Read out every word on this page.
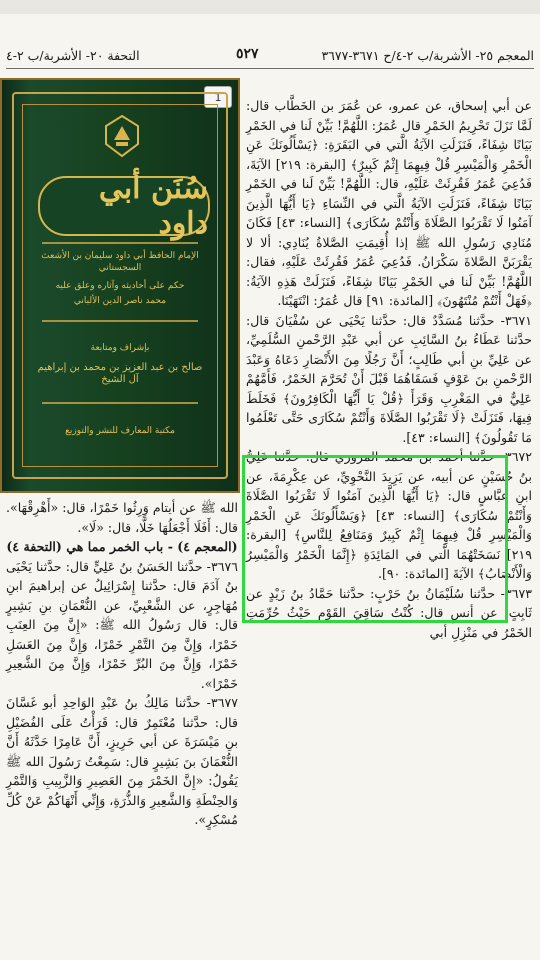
المعجم ٢٥- الأشربة/ب ٢-٤/ح ٣٦٧١-٣٦٧٧
٥٢٧
التحفة ٢٠- الأشربة/ب ٢-٤
1
سُنَن أبي داود
الإمام الحافظ أبي داود سليمان بن الأشعث السجستاني
حكم على أحاديثه وآثاره وعلق عليه
محمد ناصر الدين الألباني
بإشراف ومتابعة
صالح بن عبد العزيز بن محمد بن إبراهيم آل الشيخ
مكتبة المعارف للنشر والتوزيع

عن أبي إسحاق، عن عمرو، عن عُمَرَ بن الخَطَّاب قال: لَمَّا نَزَلَ تَحْرِيمُ الخَمْرِ قال عُمَرُ: اللَّهُمَّ! بَيِّنْ لَنا في الخَمْرِ بَيَانًا شِفَاءً، فَنَزَلَتِ الآيَةُ الَّتي في البَقَرَةِ: ﴿يَسْأَلُونَكَ عَنِ الْخَمْرِ وَالْمَيْسِرِ قُلْ فِيهِمَا إِثْمٌ كَبِيرٌ﴾ [البقرة: ٢١٩] الآيَةَ، فَدُعِيَ عُمَرُ فَقُرِئَتْ عَلَيْهِ، قال: اللَّهُمَّ! بَيِّنْ لَنا في الخَمْرِ بَيَانًا شِفَاءً، فَنَزَلَتِ الآيَةُ الَّتي في النِّسَاءِ ﴿يَا أَيُّهَا الَّذِينَ آمَنُوا لَا تَقْرَبُوا الصَّلَاةَ وَأَنْتُمْ سُكَارَى﴾ [النساء: ٤٣] فَكَانَ مُنَادِي رَسُولِ الله ﷺ إذا أُقِيمَتِ الصَّلاةُ يُنَادِي: ألا لا يَقْرَبَنَّ الصَّلاةَ سَكْرَانُ. فَدُعِيَ عُمَرُ فَقُرِئَتْ عَلَيْهِ، فقال: اللَّهُمَّ! بَيِّنْ لَنا في الخَمْرِ بَيَانًا شِفَاءً، فَنَزَلَتْ هَذِهِ الآيَةُ: ﴿فَهَلْ أَنْتُمْ مُنْتَهُونَ﴾ [المائدة: ٩١] قال عُمَرُ: انْتَهَيْنَا.

٣٦٧١- حدَّثنا مُسَدَّدٌ قال: حدَّثنا يَحْيَى عن سُفْيَانَ قال: حدَّثنا عَطَاءُ بنُ السَّائِبِ عن أبي عَبْدِ الرَّحْمنِ السُّلَمِيِّ، عن عَلِيِّ بنِ أبي طَالِبٍ؛ أَنَّ رَجُلًا مِنَ الأَنْصَارِ دَعَاهُ وَعَبْدَ الرَّحْمنِ بنَ عَوْفٍ فَسَقَاهُمَا قَبْلَ أَنْ تُحَرَّمَ الخَمْرُ، فَأَمَّهُمْ عَلِيٌّ في المَغْرِبِ وَقَرَأَ ﴿قُلْ يَا أَيُّهَا الْكَافِرُونَ﴾ فَخَلَطَ فِيهَا، فَنَزَلَتْ ﴿لَا تَقْرَبُوا الصَّلَاةَ وَأَنْتُمْ سُكَارَى حَتَّى تَعْلَمُوا مَا تَقُولُونَ﴾ [النساء: ٤٣].

٣٦٧٢- حدَّثنا أحمد بن محمد المروزي قال: حدَّثنا عَلِيُّ بنُ حُسَيْنٍ عن أبيه، عن يَزِيدَ النَّحْوِيِّ، عن عِكْرِمَةَ، عن ابنِ عبَّاسٍ قال: ﴿يَا أَيُّهَا الَّذِينَ آمَنُوا لَا تَقْرَبُوا الصَّلَاةَ وَأَنْتُمْ سُكَارَى﴾ [النساء: ٤٣] ﴿وَيَسْأَلُونَكَ عَنِ الْخَمْرِ وَالْمَيْسِرِ قُلْ فِيهِمَا إِثْمٌ كَبِيرٌ وَمَنَافِعُ لِلنَّاسِ﴾ [البقرة: ٢١٩] نَسَخَتْهُمَا الَّتي في المَائِدَةِ ﴿إِنَّمَا الْخَمْرُ وَالْمَيْسِرُ وَالْأَنْصَابُ﴾ الآيَةَ [المائدة: ٩٠].

٣٦٧٣- حدَّثنا سُلَيْمَانُ بنُ حَرْبٍ: حدَّثنا حَمَّادُ بنُ زَيْدٍ عن ثَابِتٍ، عن أنسٍ قال: كُنْتُ سَاقِيَ القَوْمِ حَيْثُ حُرِّمَتِ الخَمْرُ في مَنْزِلِ أبي

الله ﷺ عن أيتام وَرِثُوا خَمْرًا، قال: «أَهْرِقْهَا». قال: أَفَلَا أَجْعَلُهَا خَلًّا، قال: «لَا».

(المعجم ٤) - باب الخمر مما هي (التحفة ٤)

٣٦٧٦- حدَّثنا الحَسَنُ بنُ عَلِيٍّ قال: حدَّثنا يَحْيَى بنُ آدَمَ قال: حدَّثنا إِسْرَائِيلُ عن إبراهيمَ ابنِ مُهَاجِرٍ، عن الشَّعْبِيِّ، عن النُّعْمَانِ بنِ بَشِيرٍ قال: قال رَسُولُ الله ﷺ: «إِنَّ مِنَ العِنَبِ خَمْرًا، وَإِنَّ مِنَ التَّمْرِ خَمْرًا، وَإِنَّ مِنَ العَسَلِ خَمْرًا، وَإِنَّ مِنَ البُرِّ خَمْرًا، وَإِنَّ مِنَ الشَّعِيرِ خَمْرًا».

٣٦٧٧- حدَّثنا مَالِكُ بنُ عَبْدِ الوَاحِدِ أبو غَسَّانَ قال: حدَّثنا مُعْتَمِرٌ قال: قَرَأْتُ عَلَى الفُضَيْلِ بنِ مَيْسَرَةَ عن أبي حَرِيزٍ، أَنَّ عَامِرًا حَدَّثَهُ أَنَّ النُّعْمَانَ بنَ بَشِيرٍ قال: سَمِعْتُ رَسُولَ الله ﷺ يَقُولُ: «إِنَّ الخَمْرَ مِنَ العَصِيرِ وَالزَّبِيبِ وَالتَّمْرِ وَالحِنْطَةِ وَالشَّعِيرِ وَالذُّرَةِ، وَإِنِّي أَنْهَاكُمْ عَنْ كُلِّ مُسْكِرٍ».
